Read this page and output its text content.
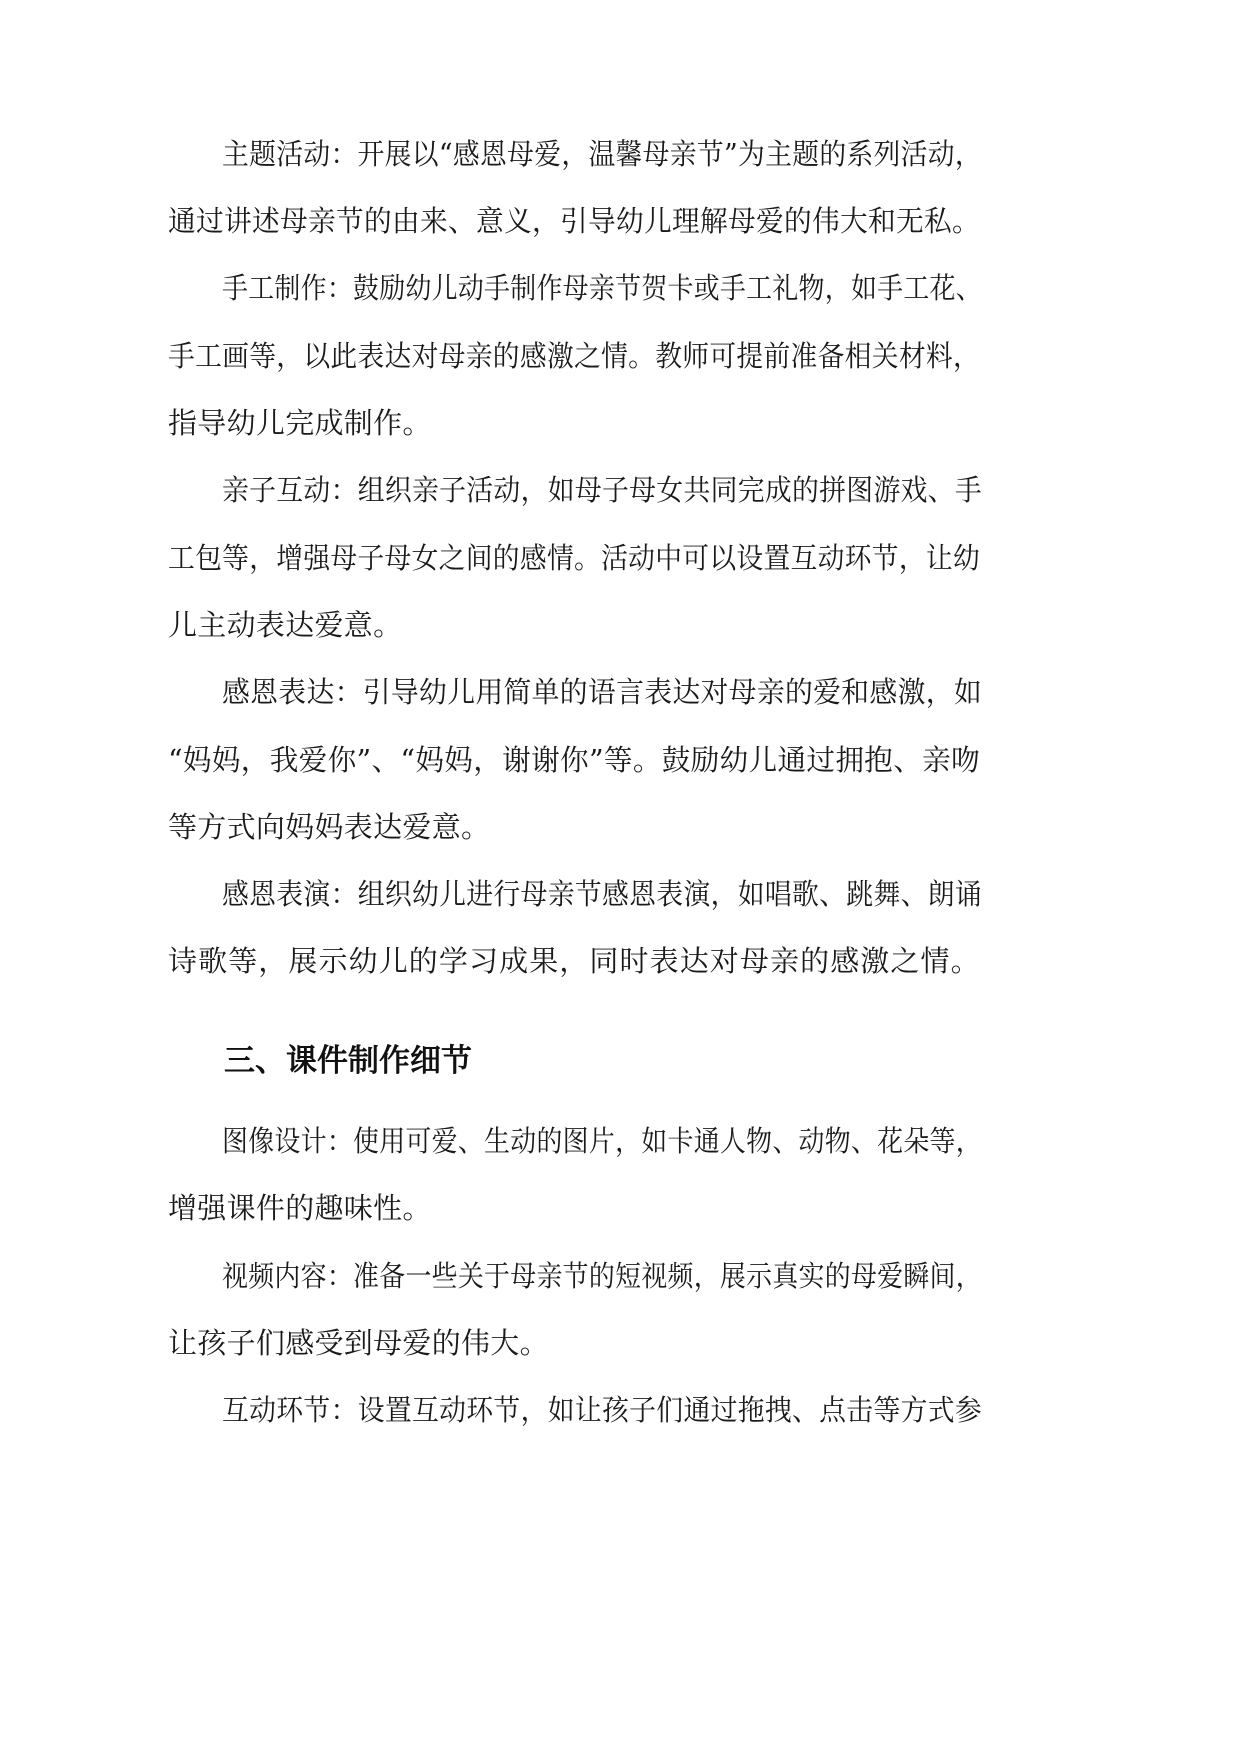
主题活动：开展以“感恩母爱，温馨母亲节”为主题的系列活动，
通过讲述母亲节的由来、意义，引导幼儿理解母爱的伟大和无私。
手工制作：鼓励幼儿动手制作母亲节贺卡或手工礼物，如手工花、
手工画等，以此表达对母亲的感激之情。教师可提前准备相关材料，
指导幼儿完成制作。
亲子互动：组织亲子活动，如母子母女共同完成的拼图游戏、手
工包等，增强母子母女之间的感情。活动中可以设置互动环节，让幼
儿主动表达爱意。
感恩表达：引导幼儿用简单的语言表达对母亲的爱和感激，如
“妈妈，我爱你”、“妈妈，谢谢你”等。鼓励幼儿通过拥抱、亲吻
等方式向妈妈表达爱意。
感恩表演：组织幼儿进行母亲节感恩表演，如唱歌、跳舞、朗诵
诗歌等，展示幼儿的学习成果，同时表达对母亲的感激之情。
三、课件制作细节
图像设计：使用可爱、生动的图片，如卡通人物、动物、花朵等，
增强课件的趣味性。
视频内容：准备一些关于母亲节的短视频，展示真实的母爱瞬间，
让孩子们感受到母爱的伟大。
互动环节：设置互动环节，如让孩子们通过拖拽、点击等方式参
